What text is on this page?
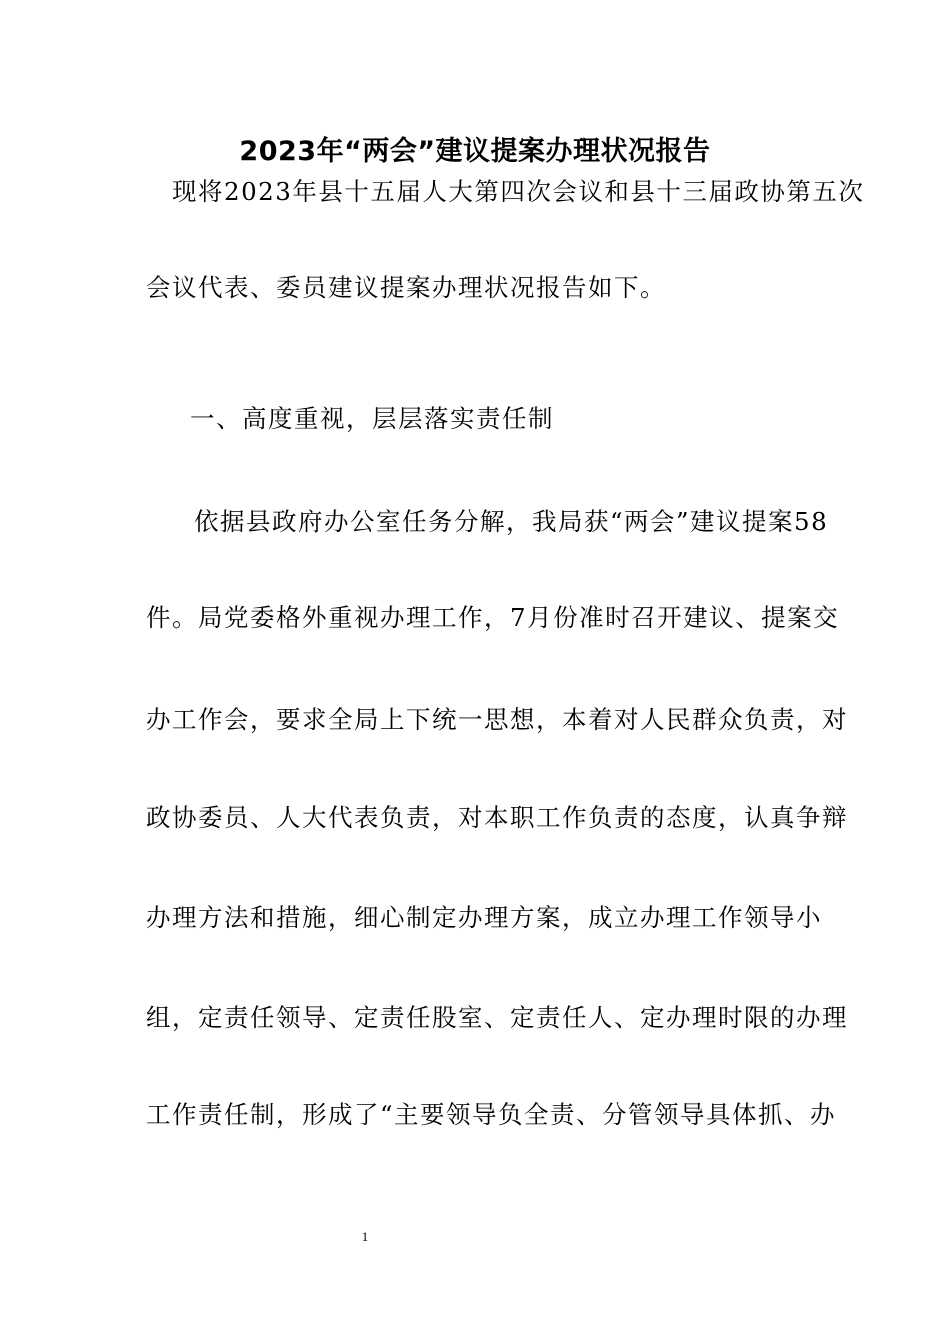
2023年“两会”建议提案办理状况报告
现将2023年县十五届人大第四次会议和县十三届政协第五次
会议代表、委员建议提案办理状况报告如下。
一、高度重视，层层落实责任制
依据县政府办公室任务分解，我局获“两会”建议提案58
件。局党委格外重视办理工作，7月份准时召开建议、提案交
办工作会，要求全局上下统一思想，本着对人民群众负责，对
政协委员、人大代表负责，对本职工作负责的态度，认真争辩
办理方法和措施，细心制定办理方案，成立办理工作领导小
组，定责任领导、定责任股室、定责任人、定办理时限的办理
工作责任制，形成了“主要领导负全责、分管领导具体抓、办
1
